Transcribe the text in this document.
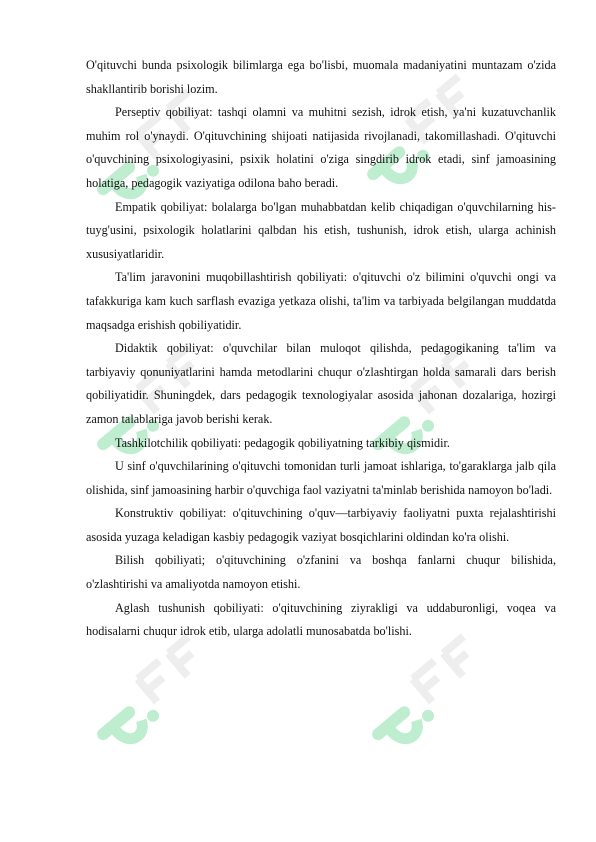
O'qituvchi bunda psixologik bilimlarga ega bo'lisbi, muomala madaniyatini muntazam o'zida shakllantirib borishi lozim.

Perseptiv qobiliyat: tashqi olamni va muhitni sezish, idrok etish, ya'ni kuzatuvchanlik muhim rol o'ynaydi. O'qituvchining shijoati natijasida rivojlanadi, takomillashadi. O'qituvchi o'quvchining psixologiyasini, psixik holatini o'ziga singdirib idrok etadi, sinf jamoasining holatiga, pedagogik vaziyatiga odilona baho beradi.

Empatik qobiliyat: bolalarga bo'lgan muhabbatdan kelib chiqadigan o'quvchilarning his-tuyg'usini, psixologik holatlarini qalbdan his etish, tushunish, idrok etish, ularga achinish xususiyatlaridir.

Ta'lim jaravonini muqobillashtirish qobiliyati: o'qituvchi o'z bilimini o'quvchi ongi va tafakkuriga kam kuch sarflash evaziga yetkaza olishi, ta'lim va tarbiyada belgilangan muddatda maqsadga erishish qobiliyatidir.

Didaktik qobiliyat: o'quvchilar bilan muloqot qilishda, pedagogikaning ta'lim va tarbiyaviy qonuniyatlarini hamda metodlarini chuqur o'zlashtirgan holda samarali dars berish qobiliyatidir. Shuningdek, dars pedagogik texnologiyalar asosida jahonan dozalariga, hozirgi zamon talablariga javob berishi kerak.

Tashkilotchilik qobiliyati: pedagogik qobiliyatning tarkibiy qismidir.

U sinf o'quvchilarining o'qituvchi tomonidan turli jamoat ishlariga, to'garaklarga jalb qila olishida, sinf jamoasining harbir o'quvchiga faol vaziyatni ta'minlab berishida namoyon bo'ladi.

Konstruktiv qobiliyat: o'qituvchining o'quv—tarbiyaviy faoliyatni puxta rejalashtirishi asosida yuzaga keladigan kasbiy pedagogik vaziyat bosqichlarini oldindan ko'ra olishi.

Bilish qobiliyati; o'qituvchining o'zfanini va boshqa fanlarni chuqur bilishida, o'zlashtirishi va amaliyotda namoyon etishi.

Aglash tushunish qobiliyati: o'qituvchining ziyrakligi va uddaburonligi, voqea va hodisalarni chuqur idrok etib, ularga adolatli munosabatda bo'lishi.
